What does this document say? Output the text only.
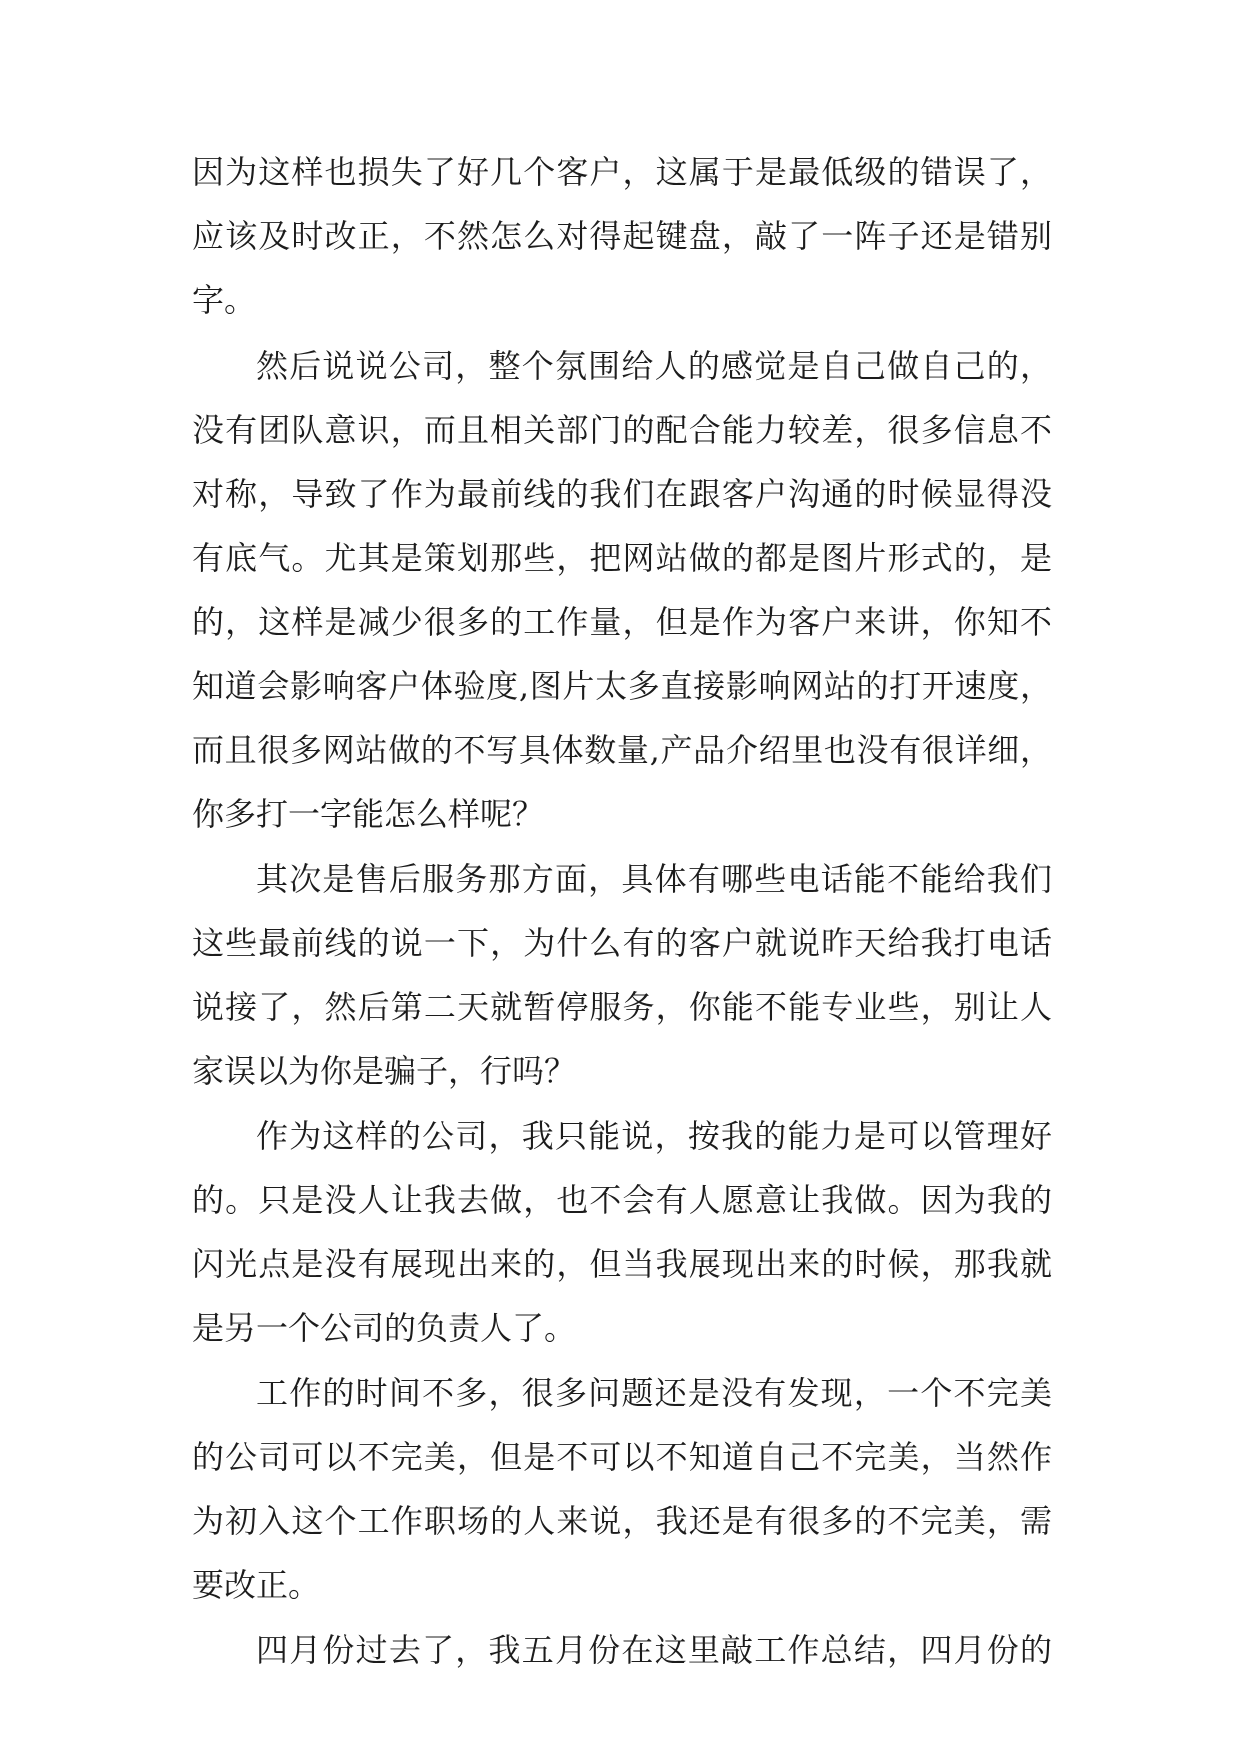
因为这样也损失了好几个客户，这属于是最低级的错误了，
应该及时改正，不然怎么对得起键盘，敲了一阵子还是错别
字。
然后说说公司，整个氛围给人的感觉是自己做自己的，
没有团队意识，而且相关部门的配合能力较差，很多信息不
对称，导致了作为最前线的我们在跟客户沟通的时候显得没
有底气。尤其是策划那些，把网站做的都是图片形式的，是
的，这样是减少很多的工作量，但是作为客户来讲，你知不
知道会影响客户体验度,图片太多直接影响网站的打开速度，
而且很多网站做的不写具体数量,产品介绍里也没有很详细，
你多打一字能怎么样呢？
其次是售后服务那方面，具体有哪些电话能不能给我们
这些最前线的说一下，为什么有的客户就说昨天给我打电话
说接了，然后第二天就暂停服务，你能不能专业些，别让人
家误以为你是骗子，行吗？
作为这样的公司，我只能说，按我的能力是可以管理好
的。只是没人让我去做，也不会有人愿意让我做。因为我的
闪光点是没有展现出来的，但当我展现出来的时候，那我就
是另一个公司的负责人了。
工作的时间不多，很多问题还是没有发现，一个不完美
的公司可以不完美，但是不可以不知道自己不完美，当然作
为初入这个工作职场的人来说，我还是有很多的不完美，需
要改正。
四月份过去了，我五月份在这里敲工作总结，四月份的
